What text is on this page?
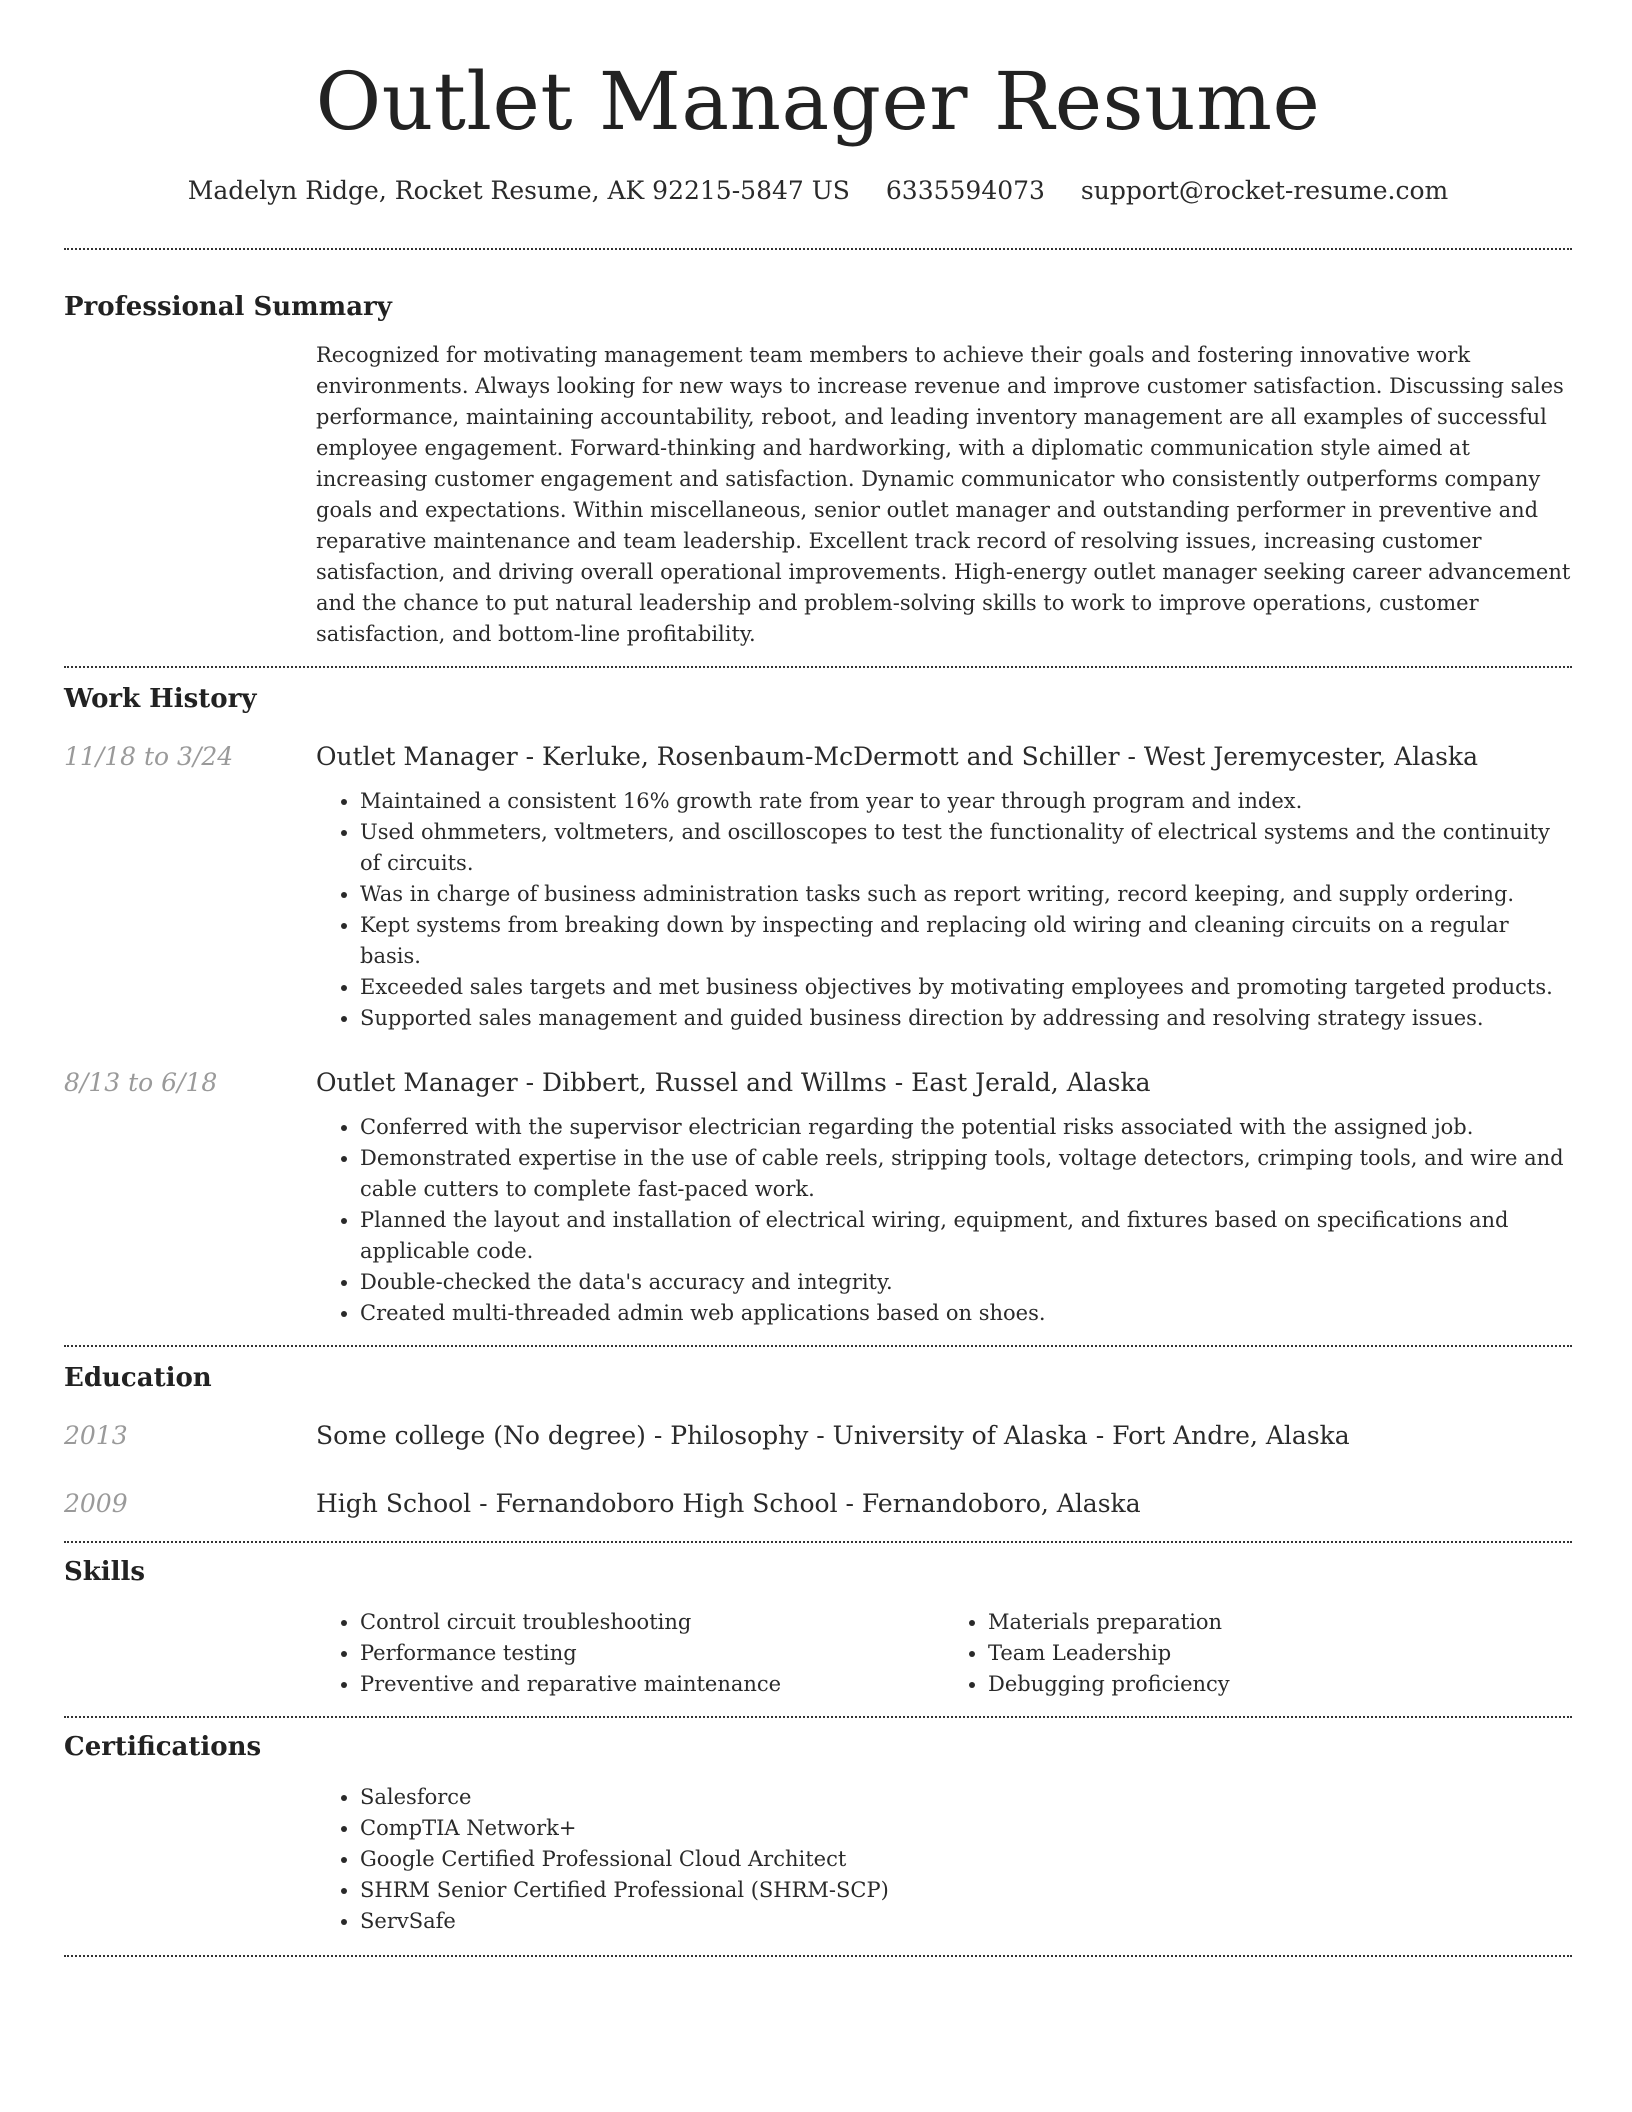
Outlet Manager Resume
Madelyn Ridge, Rocket Resume, AK 92215-5847 US 6335594073 support@rocket-resume.com
Professional Summary

Recognized for motivating management team members to achieve their goals and fostering innovative work environments. Always looking for new ways to increase revenue and improve customer satisfaction. Discussing sales performance, maintaining accountability, reboot, and leading inventory management are all examples of successful employee engagement. Forward-thinking and hardworking, with a diplomatic communication style aimed at increasing customer engagement and satisfaction. Dynamic communicator who consistently outperforms company goals and expectations. Within miscellaneous, senior outlet manager and outstanding performer in preventive and reparative maintenance and team leadership. Excellent track record of resolving issues, increasing customer satisfaction, and driving overall operational improvements. High-energy outlet manager seeking career advancement and the chance to put natural leadership and problem-solving skills to work to improve operations, customer satisfaction, and bottom-line profitability.

Work History
11/18 to 3/24	Outlet Manager - Kerluke, Rosenbaum-McDermott and Schiller - West Jeremycester, Alaska
• Maintained a consistent 16% growth rate from year to year through program and index.
• Used ohmmeters, voltmeters, and oscilloscopes to test the functionality of electrical systems and the continuity of circuits.
• Was in charge of business administration tasks such as report writing, record keeping, and supply ordering.
• Kept systems from breaking down by inspecting and replacing old wiring and cleaning circuits on a regular basis.
• Exceeded sales targets and met business objectives by motivating employees and promoting targeted products.
• Supported sales management and guided business direction by addressing and resolving strategy issues.
8/13 to 6/18	Outlet Manager - Dibbert, Russel and Willms - East Jerald, Alaska
• Conferred with the supervisor electrician regarding the potential risks associated with the assigned job.
• Demonstrated expertise in the use of cable reels, stripping tools, voltage detectors, crimping tools, and wire and cable cutters to complete fast-paced work.
• Planned the layout and installation of electrical wiring, equipment, and fixtures based on specifications and applicable code.
• Double-checked the data's accuracy and integrity.
• Created multi-threaded admin web applications based on shoes.
Education
2013	Some college (No degree) - Philosophy - University of Alaska - Fort Andre, Alaska
2009	High School - Fernandoboro High School - Fernandoboro, Alaska
Skills
• Control circuit troubleshooting
• Performance testing
• Preventive and reparative maintenance
• Materials preparation
• Team Leadership
• Debugging proficiency
Certifications
• Salesforce
• CompTIA Network+
• Google Certified Professional Cloud Architect
• SHRM Senior Certified Professional (SHRM-SCP)
• ServSafe
